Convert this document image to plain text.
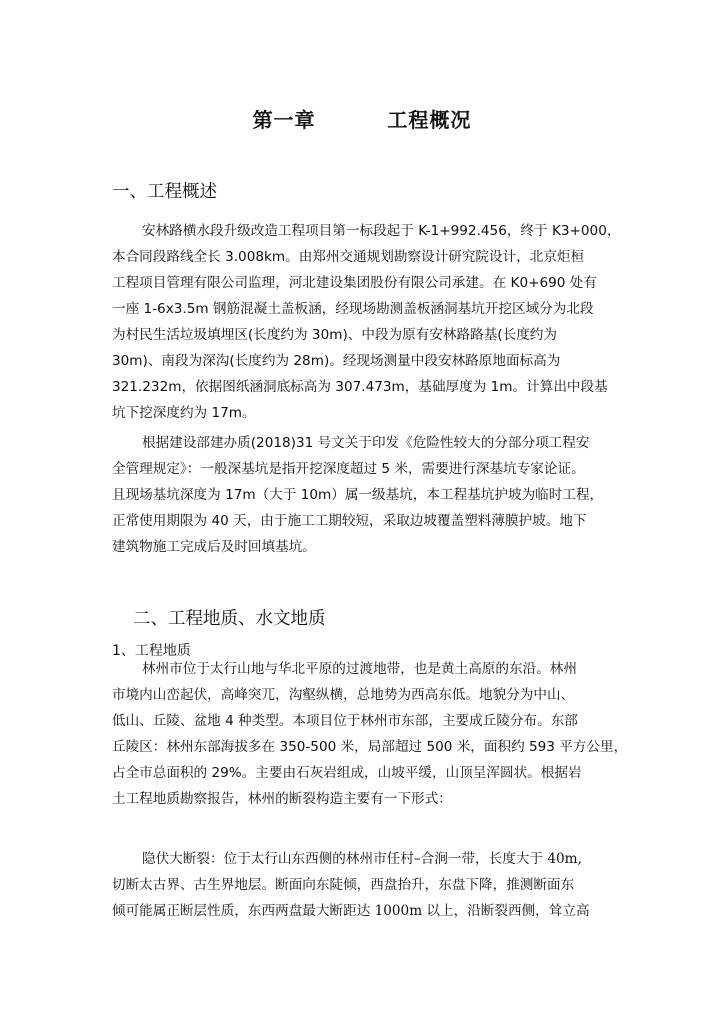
第一章    工程概况
一、工程概述
安林路横水段升级改造工程项目第一标段起于 K-1+992.456，终于 K3+000，
本合同段路线全长 3.008km。由郑州交通规划勘察设计研究院设计，北京炬桓
工程项目管理有限公司监理，河北建设集团股份有限公司承建。在 K0+690 处有
一座 1-6x3.5m 钢筋混凝土盖板涵，经现场勘测盖板涵洞基坑开挖区域分为北段
为村民生活垃圾填埋区(长度约为 30m)、中段为原有安林路路基(长度约为
30m)、南段为深沟(长度约为 28m)。经现场测量中段安林路原地面标高为
321.232m，依据图纸涵洞底标高为 307.473m，基础厚度为 1m。计算出中段基
坑下挖深度约为 17m。
根据建设部建办质(2018)31 号文关于印发《危险性较大的分部分项工程安
全管理规定》：一般深基坑是指开挖深度超过 5 米，需要进行深基坑专家论证。
且现场基坑深度为 17m（大于 10m）属一级基坑，本工程基坑护坡为临时工程，
正常使用期限为 40 天，由于施工工期较短，采取边坡覆盖塑料薄膜护坡。地下
建筑物施工完成后及时回填基坑。
二、工程地质、水文地质
1、工程地质
林州市位于太行山地与华北平原的过渡地带，也是黄土高原的东沿。林州
市境内山峦起伏，高峰突兀，沟壑纵横，总地势为西高东低。地貌分为中山、
低山、丘陵、盆地 4 种类型。本项目位于林州市东部，主要成丘陵分布。东部
丘陵区：林州东部海拔多在 350-500 米，局部超过 500 米，面积约 593 平方公里，
占全市总面积的 29%。主要由石灰岩组成，山坡平缓，山顶呈浑圆状。根据岩
土工程地质勘察报告，林州的断裂构造主要有一下形式：
隐伏大断裂：位于太行山东西侧的林州市任村–合涧一带，长度大于 40m,
切断太古界、古生界地层。断面向东陡倾，西盘抬升，东盘下降，推测断面东
倾可能属正断层性质，东西两盘最大断距达 1000m 以上，沿断裂西侧，耸立高
